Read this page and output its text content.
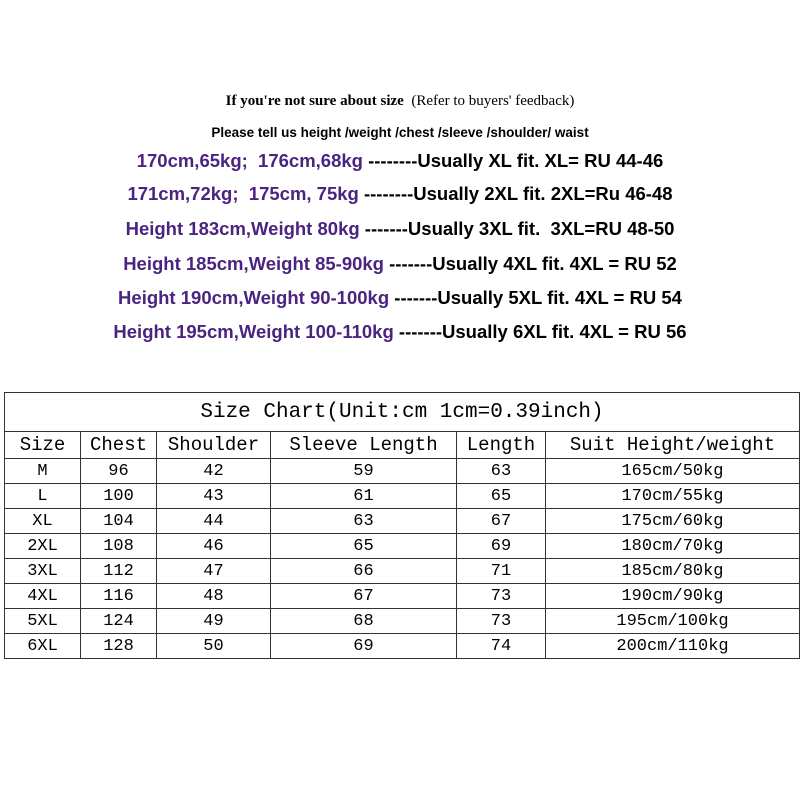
If you're not sure about size (Refer to buyers' feedback)
Please tell us height /weight /chest /sleeve /shoulder/ waist
170cm,65kg;  176cm,68kg --------Usually XL fit. XL= RU 44-46
171cm,72kg;  175cm, 75kg --------Usually 2XL fit. 2XL=Ru 46-48
Height 183cm,Weight 80kg -------Usually 3XL fit.  3XL=RU 48-50
Height 185cm,Weight 85-90kg -------Usually 4XL fit. 4XL = RU 52
Height 190cm,Weight 90-100kg -------Usually 5XL fit. 4XL = RU 54
Height 195cm,Weight 100-110kg -------Usually 6XL fit. 4XL = RU 56
Size Chart(Unit:cm 1cm=0.39inch)					
Size	Chest	Shoulder	Sleeve Length	Length	Suit Height/weight
M	96	42	59	63	165cm/50kg
L	100	43	61	65	170cm/55kg
XL	104	44	63	67	175cm/60kg
2XL	108	46	65	69	180cm/70kg
3XL	112	47	66	71	185cm/80kg
4XL	116	48	67	73	190cm/90kg
5XL	124	49	68	73	195cm/100kg
6XL	128	50	69	74	200cm/110kg
